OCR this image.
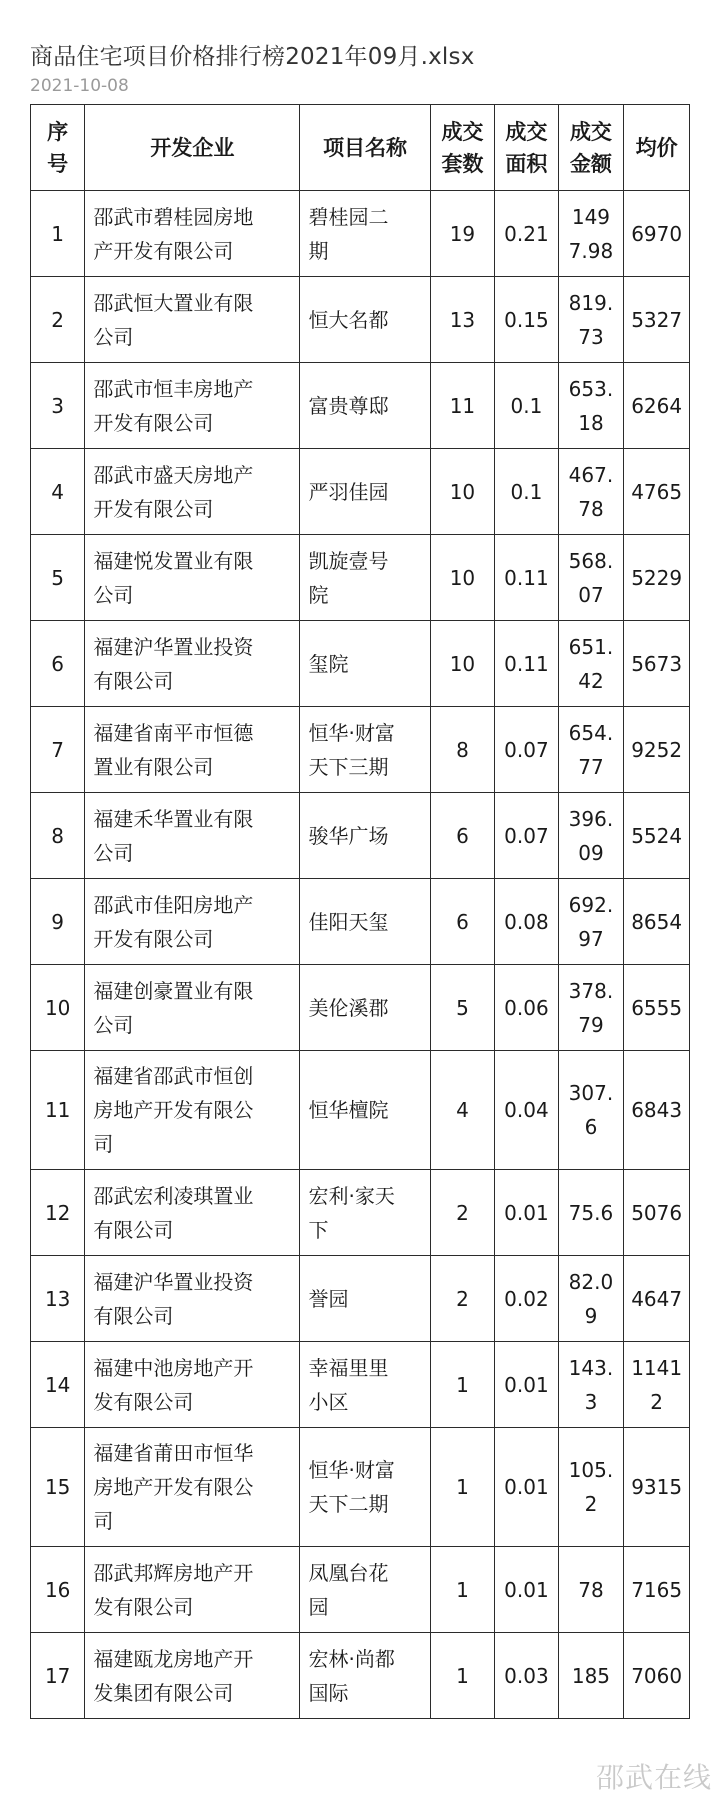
商品住宅项目价格排行榜2021年09月.xlsx
2021-10-08
序
号	开发企业	项目名称	成交
套数	成交
面积	成交
金额	均价
1	邵武市碧桂园房地
产开发有限公司	碧桂园二
期	19	0.21	149
7.98	6970
2	邵武恒大置业有限
公司	恒大名都	13	0.15	819.
73	5327
3	邵武市恒丰房地产
开发有限公司	富贵尊邸	11	0.1	653.
18	6264
4	邵武市盛天房地产
开发有限公司	严羽佳园	10	0.1	467.
78	4765
5	福建悦发置业有限
公司	凯旋壹号
院	10	0.11	568.
07	5229
6	福建沪华置业投资
有限公司	玺院	10	0.11	651.
42	5673
7	福建省南平市恒德
置业有限公司	恒华·财富
天下三期	8	0.07	654.
77	9252
8	福建禾华置业有限
公司	骏华广场	6	0.07	396.
09	5524
9	邵武市佳阳房地产
开发有限公司	佳阳天玺	6	0.08	692.
97	8654
10	福建创豪置业有限
公司	美伦溪郡	5	0.06	378.
79	6555
11	福建省邵武市恒创
房地产开发有限公
司	恒华檀院	4	0.04	307.
6	6843
12	邵武宏利凌琪置业
有限公司	宏利·家天
下	2	0.01	75.6	5076
13	福建沪华置业投资
有限公司	誉园	2	0.02	82.0
9	4647
14	福建中池房地产开
发有限公司	幸福里里
小区	1	0.01	143.
3	1141
2
15	福建省莆田市恒华
房地产开发有限公
司	恒华·财富
天下二期	1	0.01	105.
2	9315
16	邵武邦辉房地产开
发有限公司	凤凰台花
园	1	0.01	78	7165
17	福建瓯龙房地产开
发集团有限公司	宏林·尚都
国际	1	0.03	185	7060
邵武在线
